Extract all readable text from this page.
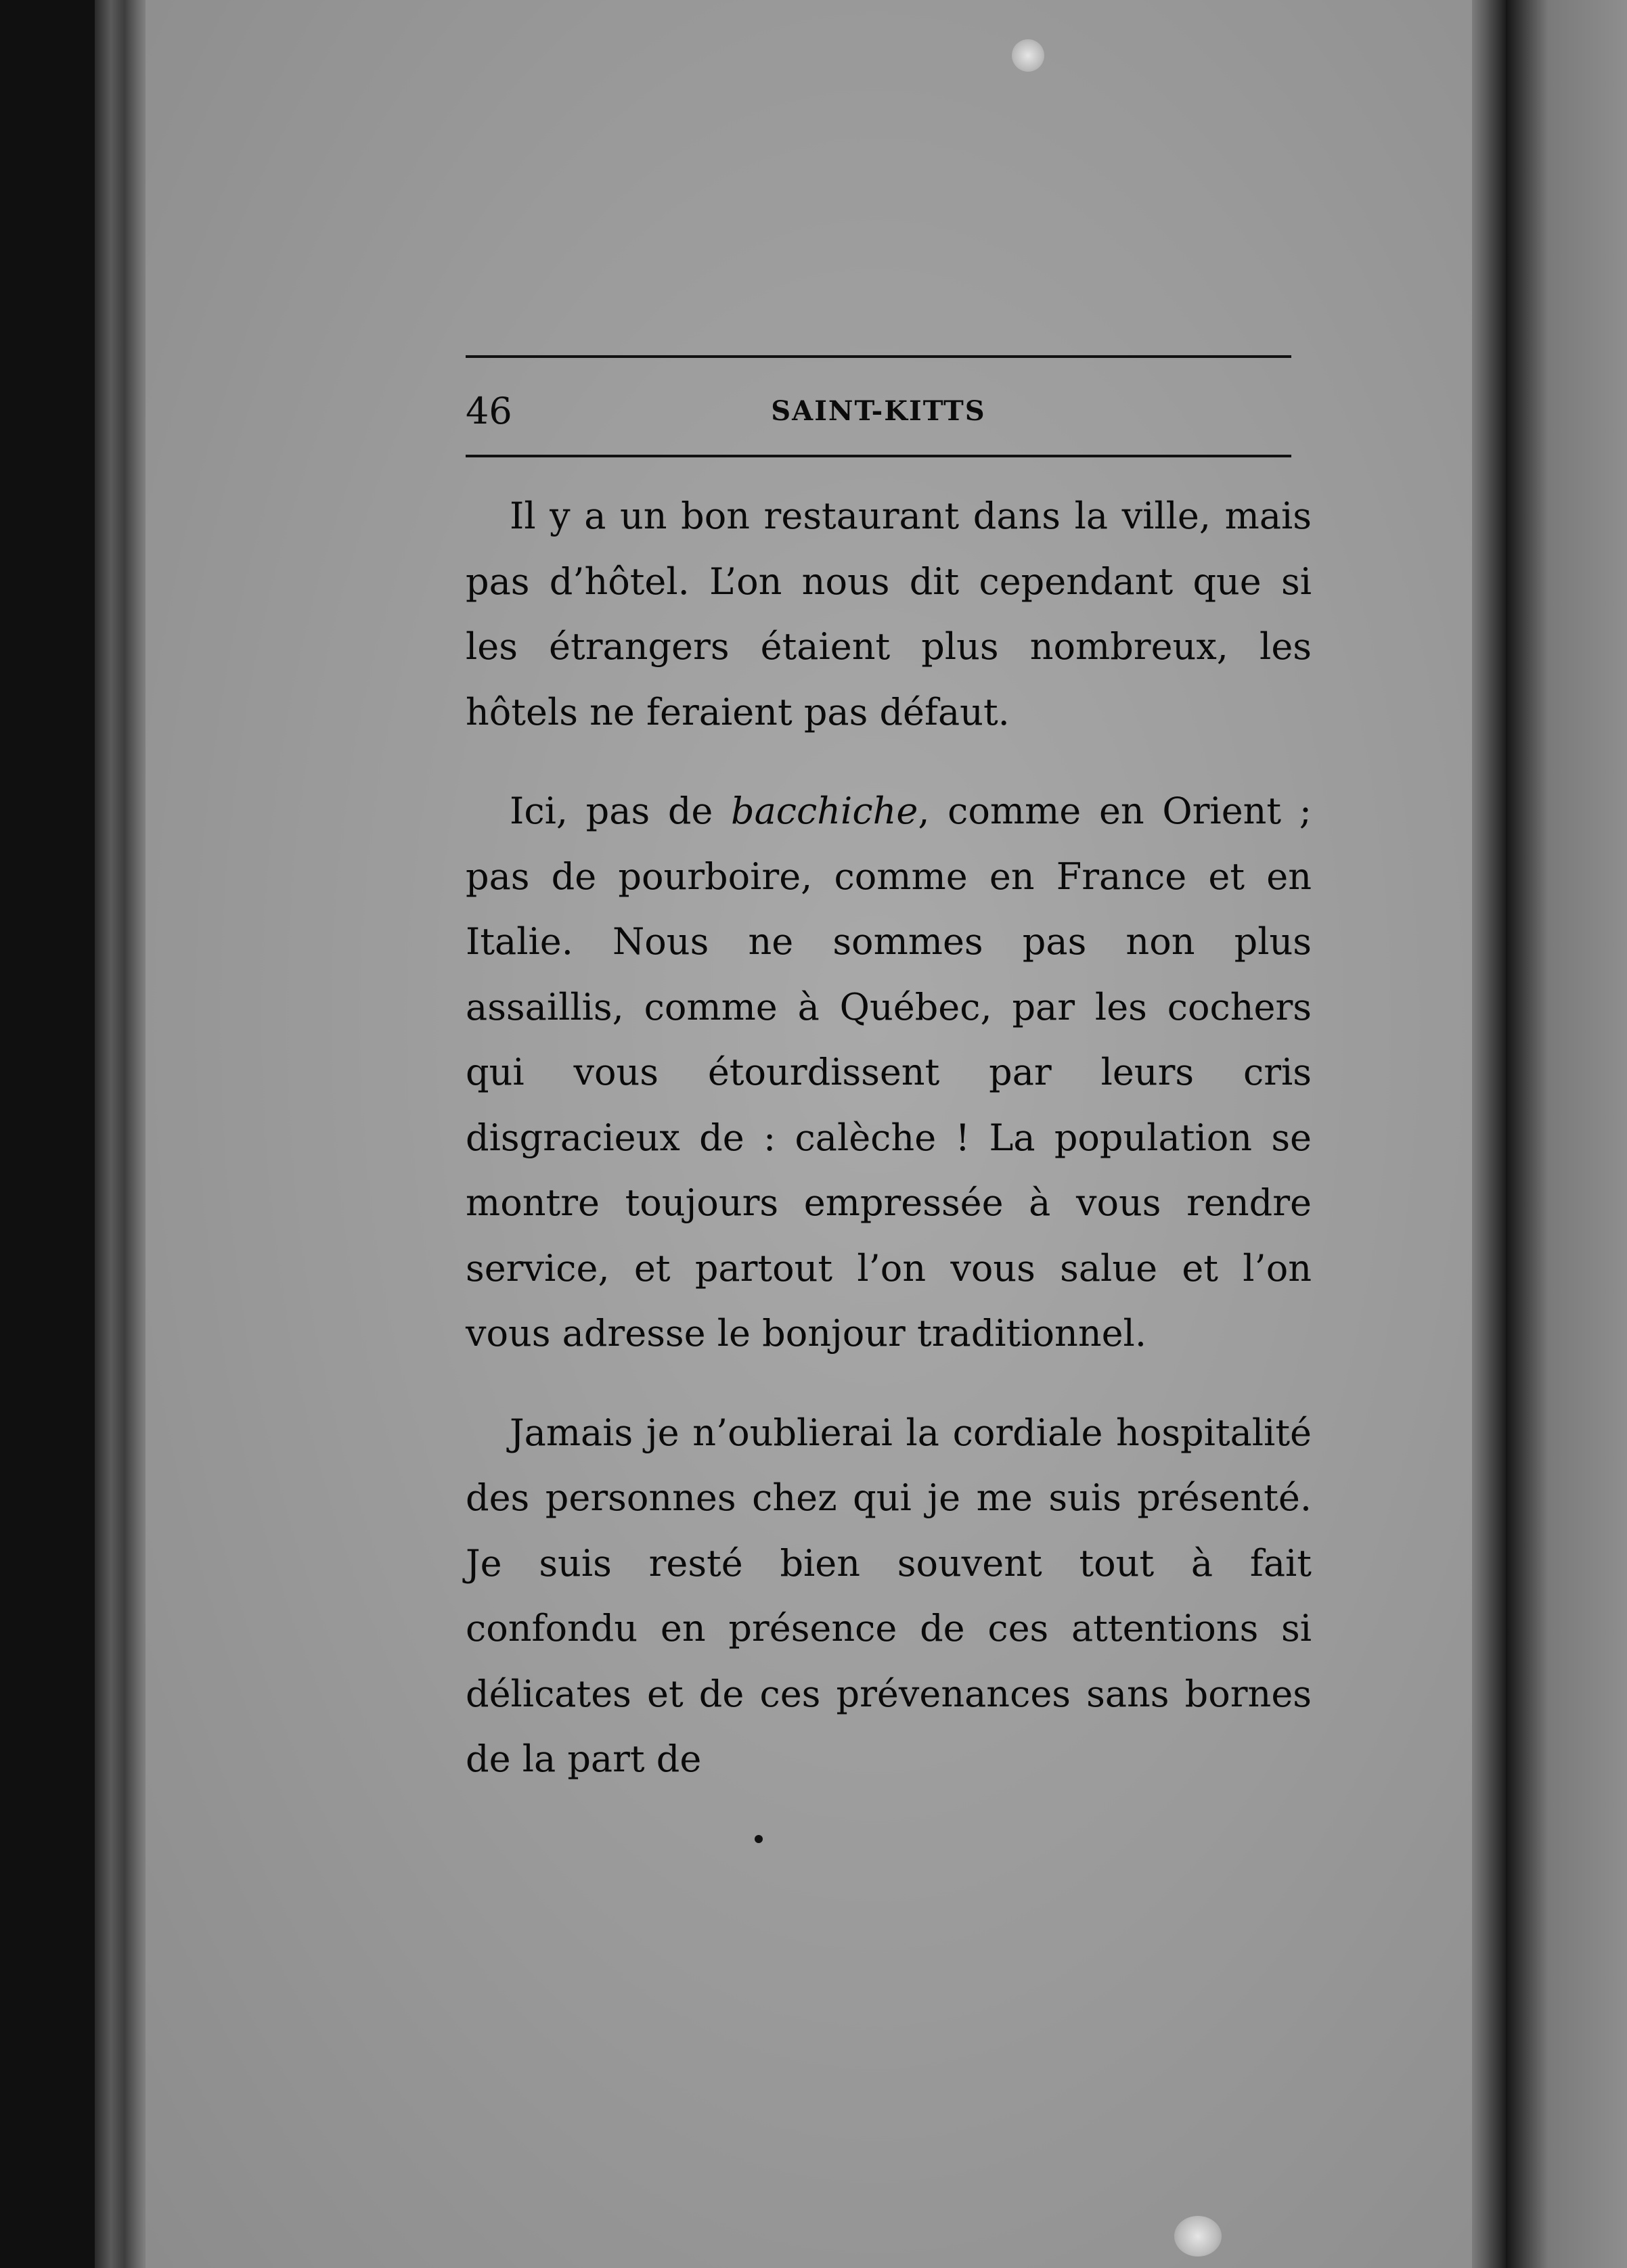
46	SAINT-KITTS

Il y a un bon restaurant dans la ville, mais pas d’hôtel. L’on nous dit cependant que si les étrangers étaient plus nombreux, les hôtels ne feraient pas défaut.

Ici, pas de bacchiche, comme en Orient ; pas de pourboire, comme en France et en Italie. Nous ne sommes pas non plus assaillis, comme à Québec, par les cochers qui vous étourdissent par leurs cris disgracieux de : calèche ! La population se montre toujours empressée à vous rendre service, et partout l’on vous salue et l’on vous adresse le bonjour traditionnel.

Jamais je n’oublierai la cordiale hospitalité des personnes chez qui je me suis présenté. Je suis resté bien souvent tout à fait confondu en présence de ces attentions si délicates et de ces prévenances sans bornes de la part de
